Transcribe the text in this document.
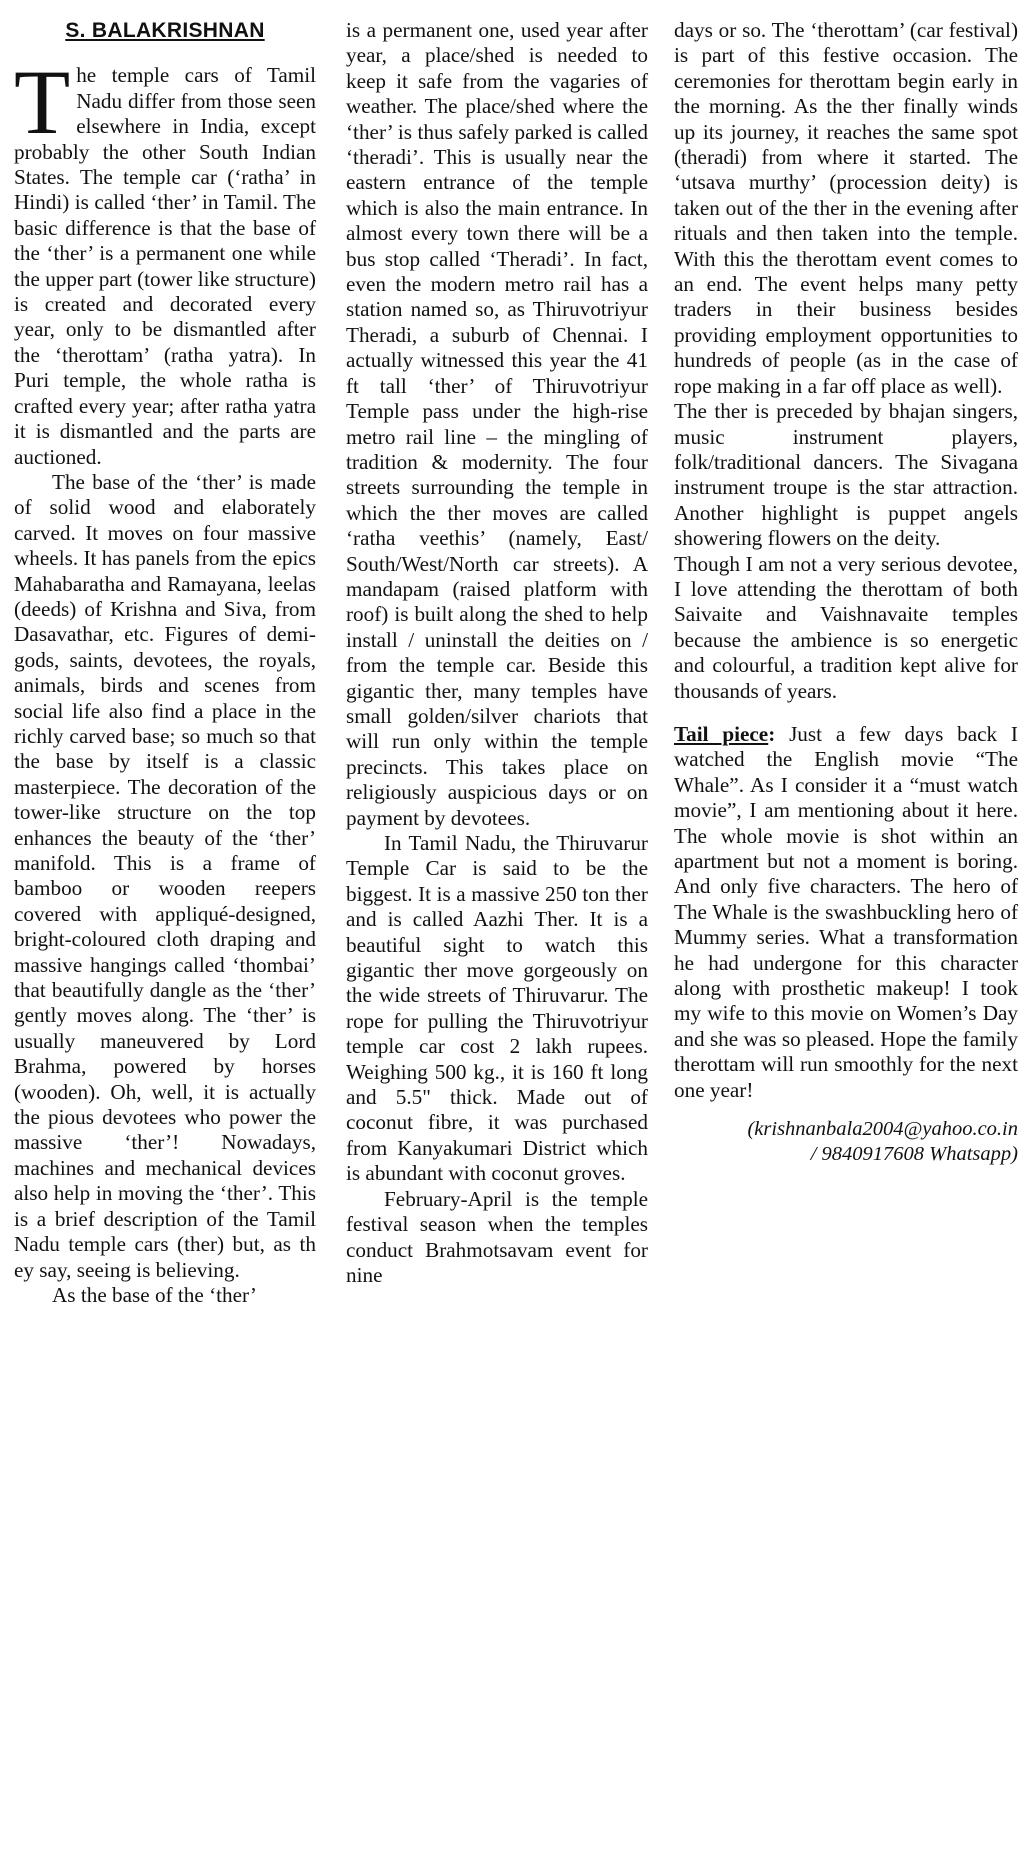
S. BALAKRISHNAN

The temple cars of Tamil Nadu differ from those seen elsewhere in India, except probably the other South Indian States. The temple car (‘ratha’ in Hindi) is called ‘ther’ in Tamil. The basic difference is that the base of the ‘ther’ is a permanent one while the upper part (tower like structure) is created and decorated every year, only to be dismantled after the ‘therottam’ (ratha yatra). In Puri temple, the whole ratha is crafted every year; after ratha yatra it is dismantled and the parts are auctioned.

The base of the ‘ther’ is made of solid wood and elaborately carved. It moves on four massive wheels. It has panels from the epics Mahabaratha and Ramayana, leelas (deeds) of Krishna and Siva, from Dasavathar, etc. Figures of demi-gods, saints, devotees, the royals, animals, birds and scenes from social life also find a place in the richly carved base; so much so that the base by itself is a classic masterpiece. The decoration of the tower-like structure on the top enhances the beauty of the ‘ther’ manifold. This is a frame of bamboo or wooden reepers covered with appliqué-designed, bright-coloured cloth draping and massive hangings called ‘thombai’ that beautifully dangle as the ‘ther’ gently moves along. The ‘ther’ is usually maneuvered by Lord Brahma, powered by horses (wooden). Oh, well, it is actually the pious devotees who power the massive ‘ther’! Nowadays, machines and mechanical devices also help in moving the ‘ther’. This is a brief description of the Tamil Nadu temple cars (ther) but, as th ey say, seeing is believing.

As the base of the ‘ther’

is a permanent one, used year after year, a place/shed is needed to keep it safe from the vagaries of weather. The place/shed where the ‘ther’ is thus safely parked is called ‘theradi’. This is usually near the eastern entrance of the temple which is also the main entrance. In almost every town there will be a bus stop called ‘Theradi’. In fact, even the modern metro rail has a station named so, as Thiruvotriyur Theradi, a suburb of Chennai. I actually witnessed this year the 41 ft tall ‘ther’ of Thiruvotriyur Temple pass under the high-rise metro rail line – the mingling of tradition & modernity. The four streets surrounding the temple in which the ther moves are called ‘ratha veethis’ (namely, East/ South/West/North car streets). A mandapam (raised platform with roof) is built along the shed to help install / uninstall the deities on / from the temple car. Beside this gigantic ther, many temples have small golden/silver chariots that will run only within the temple precincts. This takes place on religiously auspicious days or on payment by devotees.

In Tamil Nadu, the Thiruvarur Temple Car is said to be the biggest. It is a massive 250 ton ther and is called Aazhi Ther. It is a beautiful sight to watch this gigantic ther move gorgeously on the wide streets of Thiruvarur. The rope for pulling the Thiruvotriyur temple car cost 2 lakh rupees. Weighing 500 kg., it is 160 ft long and 5.5" thick. Made out of coconut fibre, it was purchased from Kanyakumari District which is abundant with coconut groves.

February-April is the temple festival season when the temples conduct Brahmotsavam event for nine

days or so. The ‘therottam’ (car festival) is part of this festive occasion. The ceremonies for therottam begin early in the morning. As the ther finally winds up its journey, it reaches the same spot (theradi) from where it started. The ‘utsava murthy’ (procession deity) is taken out of the ther in the evening after rituals and then taken into the temple. With this the therottam event comes to an end. The event helps many petty traders in their business besides providing employment opportunities to hundreds of people (as in the case of rope making in a far off place as well).

The ther is preceded by bhajan singers, music instrument players, folk/traditional dancers. The Sivagana instrument troupe is the star attraction. Another highlight is puppet angels showering flowers on the deity.

Though I am not a very serious devotee, I love attending the therottam of both Saivaite and Vaishnavaite temples because the ambience is so energetic and colourful, a tradition kept alive for thousands of years.

Tail piece: Just a few days back I watched the English movie “The Whale”. As I consider it a “must watch movie”, I am mentioning about it here. The whole movie is shot within an apartment but not a moment is boring. And only five characters. The hero of The Whale is the swashbuckling hero of Mummy series. What a transformation he had undergone for this character along with prosthetic makeup! I took my wife to this movie on Women’s Day and she was so pleased. Hope the family therottam will run smoothly for the next one year!

(krishnanbala2004@yahoo.co.in
/ 9840917608 Whatsapp)
